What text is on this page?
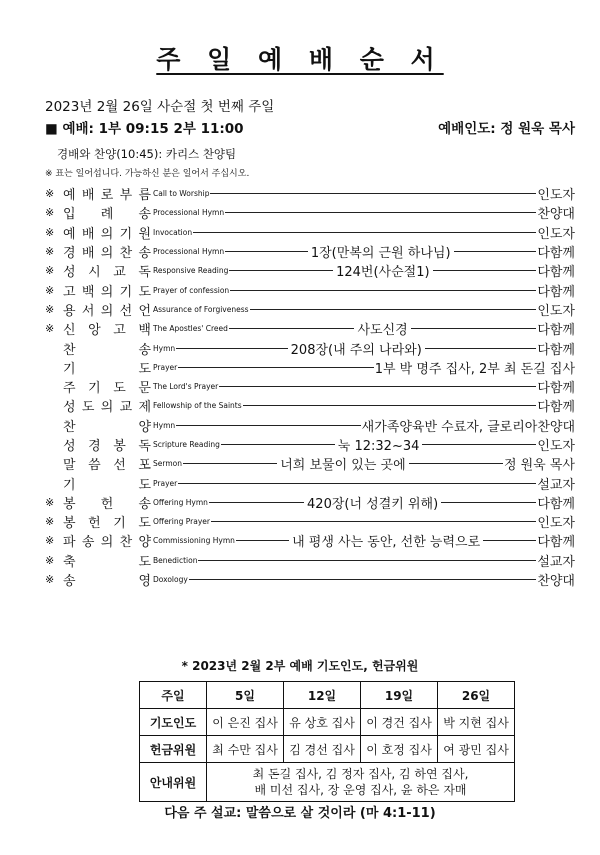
주 일 예 배 순 서
2023년 2월 26일 사순절 첫 번째 주일
■ 예배: 1부 09:15 2부 11:00	예배인도: 정 원욱 목사
경배와 찬양(10:45): 카리스 찬양팀
※ 표는 일어섭니다. 가능하신 분은 일어서 주십시오.
※ 예 배 로 부 름 Call to Worship	인도자
※ 입 례 송 Processional Hymn	찬양대
※ 예 배 의 기 원 Invocation	인도자
※ 경 배 의 찬 송 Processional Hymn	1장(만복의 근원 하나님)	다함께
※ 성 시 교 독 Responsive Reading	124번(사순절1)	다함께
※ 고 백 의 기 도 Prayer of confession	다함께
※ 용 서 의 선 언 Assurance of Forgiveness	인도자
※ 신 앙 고 백 The Apostles' Creed	사도신경	다함께
찬	송 Hymn	208장(내 주의 나라와)	다함께
기	도 Prayer	1부 박 명주 집사, 2부 최 돈길 집사
주 기 도 문 The Lord's Prayer	다함께
성 도 의 교 제 Fellowship of the Saints	다함께
찬	양 Hymn	새가족양육반 수료자, 글로리아찬양대
성 경 봉 독 Scripture Reading	눅 12:32~34	인도자
말 씀 선 포 Sermon	너희 보물이 있는 곳에	정 원욱 목사
기	도 Prayer	설교자
※ 봉 헌 송 Offering Hymn	420장(너 성결키 위해)	다함께
※ 봉 헌 기 도 Offering Prayer	인도자
※ 파 송 의 찬 양 Commissioning Hymn	내 평생 사는 동안, 선한 능력으로	다함께
※ 축	도 Benediction	설교자
※ 송	영 Doxology	찬양대
* 2023년 2월 2부 예배 기도인도, 헌금위원
주일	5일	12일	19일	26일
기도인도	이 은진 집사	유 상호 집사	이 경건 집사	박 지현 집사
헌금위원	최 수만 집사	김 경선 집사	이 호정 집사	여 광민 집사
안내위원	최 돈길 집사, 김 정자 집사, 김 하연 집사,
배 미선 집사, 장 운영 집사, 윤 하은 자매			
다음 주 설교: 말씀으로 살 것이라 (마 4:1-11)
